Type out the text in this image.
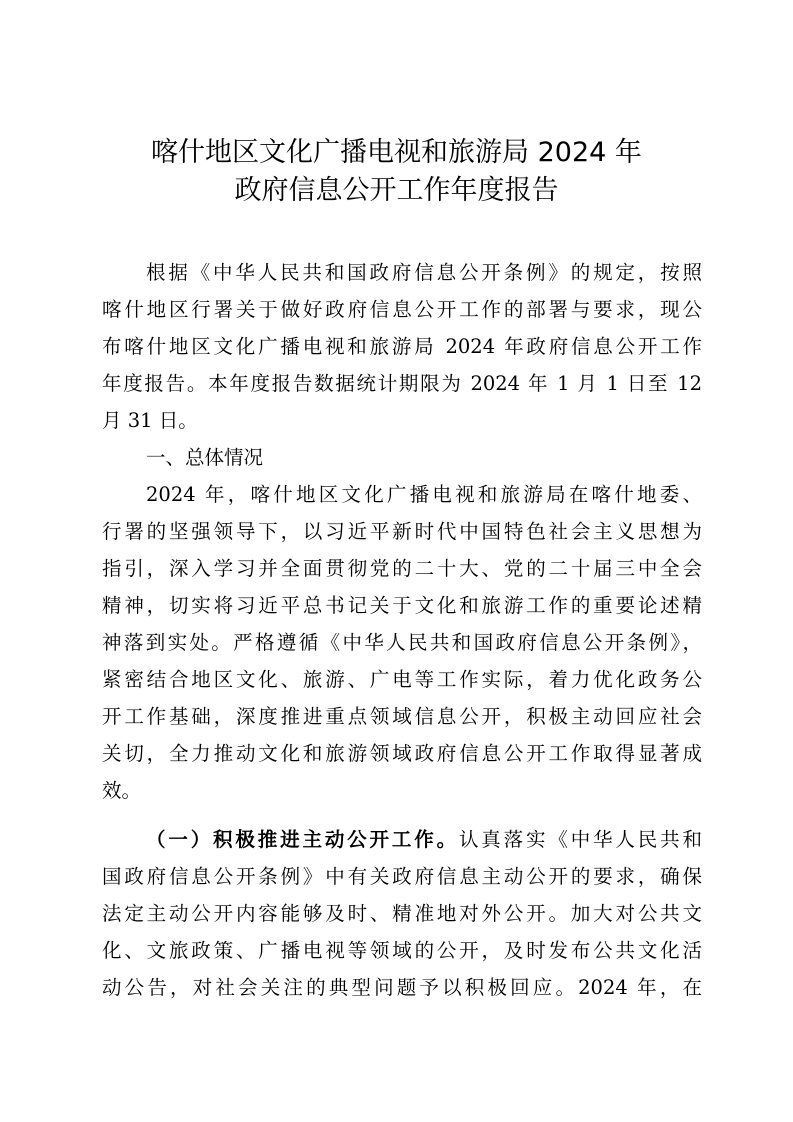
喀什地区文化广播电视和旅游局 2024 年
政府信息公开工作年度报告
根据《中华人民共和国政府信息公开条例》的规定，按照
喀什地区行署关于做好政府信息公开工作的部署与要求，现公
布喀什地区文化广播电视和旅游局 2024 年政府信息公开工作
年度报告。本年度报告数据统计期限为 2024 年 1 月 1 日至 12
月 31 日。
一、总体情况
2024 年，喀什地区文化广播电视和旅游局在喀什地委、
行署的坚强领导下，以习近平新时代中国特色社会主义思想为
指引，深入学习并全面贯彻党的二十大、党的二十届三中全会
精神，切实将习近平总书记关于文化和旅游工作的重要论述精
神落到实处。严格遵循《中华人民共和国政府信息公开条例》，
紧密结合地区文化、旅游、广电等工作实际，着力优化政务公
开工作基础，深度推进重点领域信息公开，积极主动回应社会
关切，全力推动文化和旅游领域政府信息公开工作取得显著成
效。
（一）积极推进主动公开工作。认真落实《中华人民共和
国政府信息公开条例》中有关政府信息主动公开的要求，确保
法定主动公开内容能够及时、精准地对外公开。加大对公共文
化、文旅政策、广播电视等领域的公开，及时发布公共文化活
动公告，对社会关注的典型问题予以积极回应。2024 年，在
